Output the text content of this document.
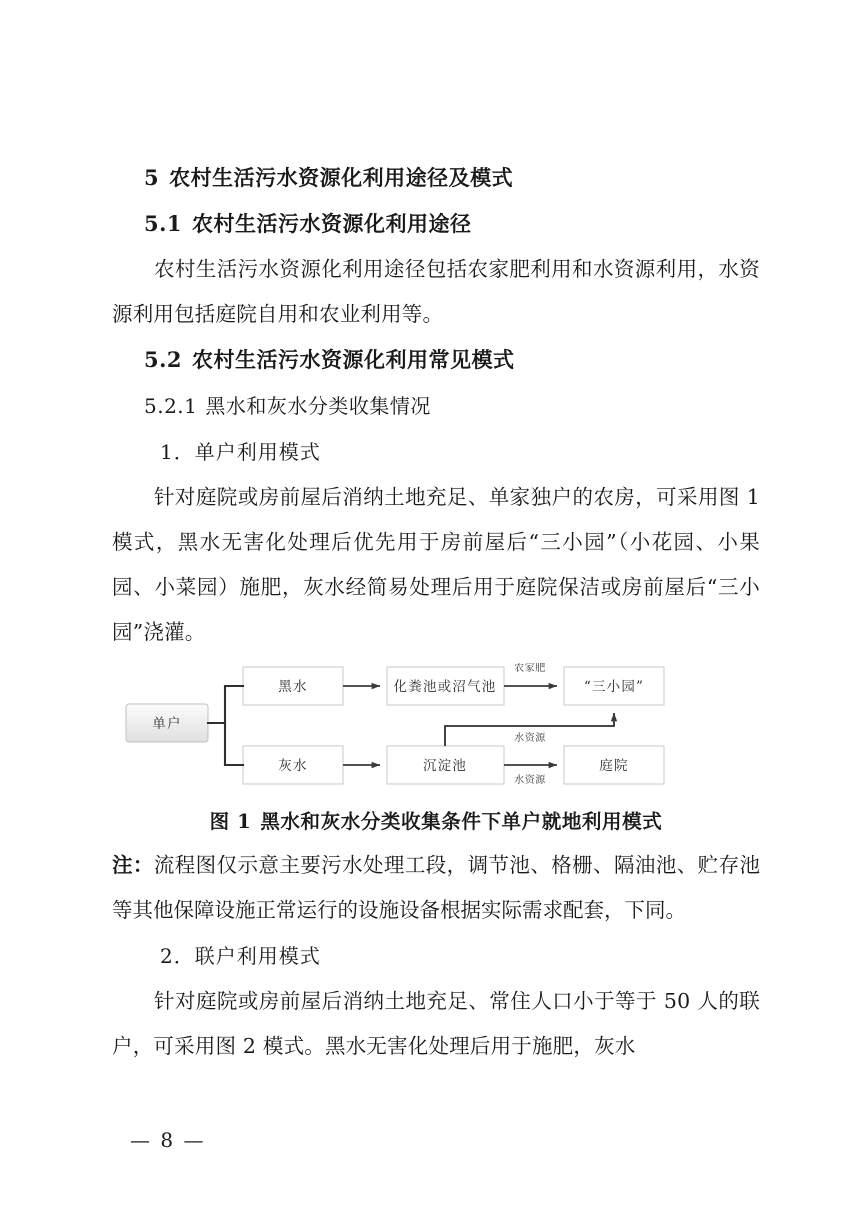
5 农村生活污水资源化利用途径及模式
5.1 农村生活污水资源化利用途径

农村生活污水资源化利用途径包括农家肥利用和水资源利用，水资源利用包括庭院自用和农业利用等。

5.2 农村生活污水资源化利用常见模式
5.2.1 黑水和灰水分类收集情况
1．单户利用模式

针对庭院或房前屋后消纳土地充足、单家独户的农房，可采用图 1 模式，黑水无害化处理后优先用于房前屋后“三小园”（小花园、小果园、小菜园）施肥，灰水经简易处理后用于庭院保洁或房前屋后“三小园”浇灌。

单户
黑水
灰水
化粪池或沼气池
沉淀池
“三小园”
庭院
农家肥
水资源
水资源

图 1 黑水和灰水分类收集条件下单户就地利用模式

注：流程图仅示意主要污水处理工段，调节池、格栅、隔油池、贮存池等其他保障设施正常运行的设施设备根据实际需求配套，下同。

2．联户利用模式

针对庭院或房前屋后消纳土地充足、常住人口小于等于 50 人的联户，可采用图 2 模式。黑水无害化处理后用于施肥，灰水

— 8 —
